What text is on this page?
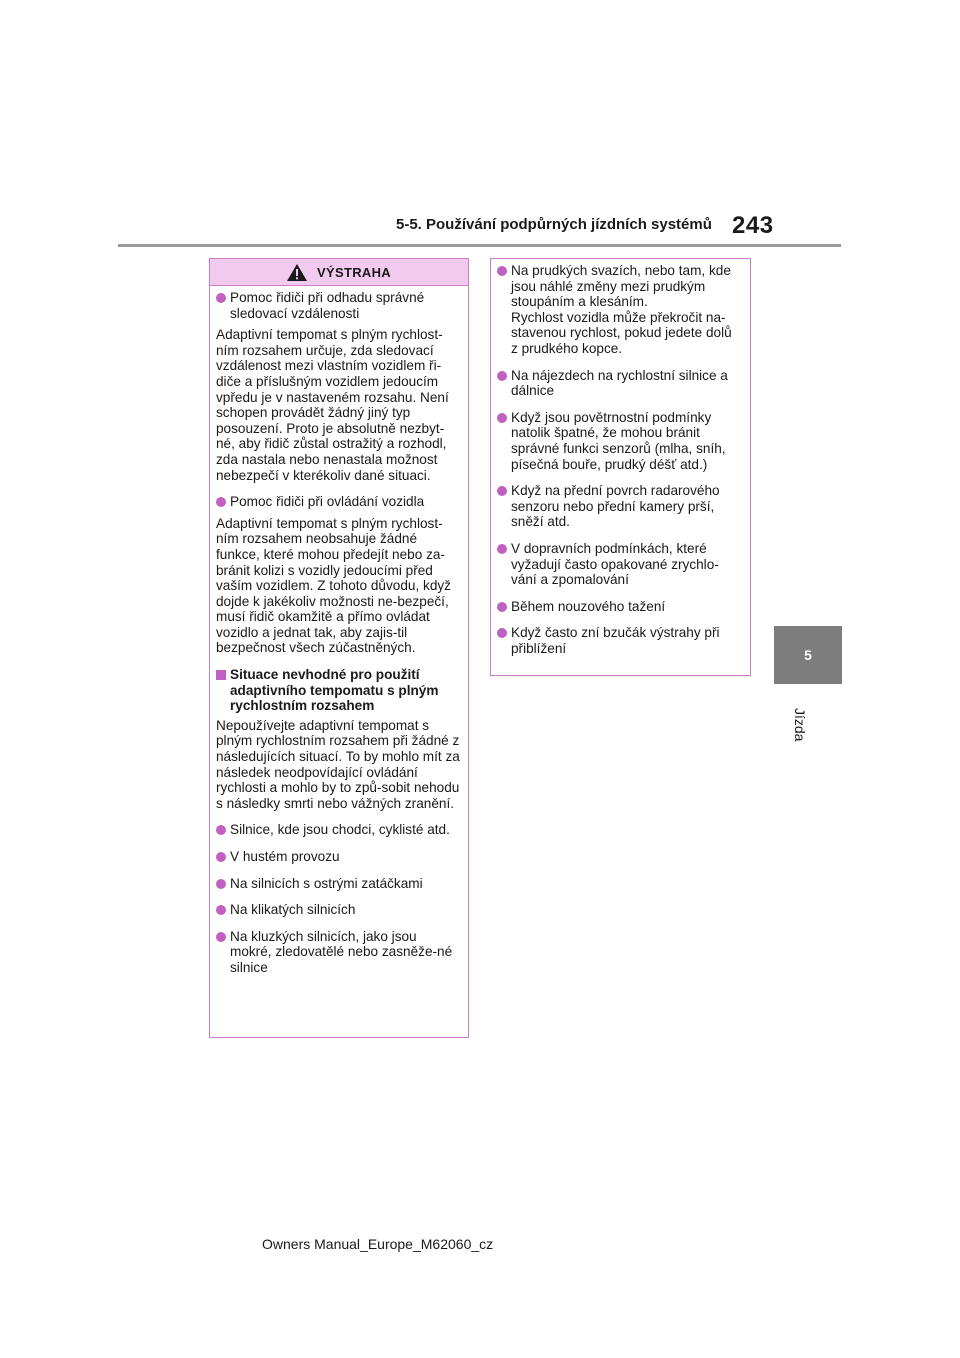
5-5. Používání podpůrných jízdních systémů 243
5
Jízda
VÝSTRAHA
Pomoc řidiči při odhadu správné sledovací vzdálenosti
Adaptivní tempomat s plným rychlost-ním rozsahem určuje, zda sledovací vzdálenost mezi vlastním vozidlem ři-diče a příslušným vozidlem jedoucím vpředu je v nastaveném rozsahu. Není schopen provádět žádný jiný typ posouzení. Proto je absolutně nezbyt-né, aby řidič zůstal ostražitý a rozhodl, zda nastala nebo nenastala možnost nebezpečí v kterékoliv dané situaci.
Pomoc řidiči při ovládání vozidla
Adaptivní tempomat s plným rychlost-ním rozsahem neobsahuje žádné funkce, které mohou předejít nebo za-bránit kolizi s vozidly jedoucími před vaším vozidlem. Z tohoto důvodu, když dojde k jakékoliv možnosti ne-bezpečí, musí řidič okamžitě a přímo ovládat vozidlo a jednat tak, aby zajis-til bezpečnost všech zúčastněných.
Situace nevhodné pro použití adaptivního tempomatu s plným rychlostním rozsahem
Nepoužívejte adaptivní tempomat s plným rychlostním rozsahem při žádné z následujících situací. To by mohlo mít za následek neodpovídající ovládání rychlosti a mohlo by to způ-sobit nehodu s následky smrti nebo vážných zranění.
Silnice, kde jsou chodci, cyklisté atd.
V hustém provozu
Na silnicích s ostrými zatáčkami
Na klikatých silnicích
Na kluzkých silnicích, jako jsou mokré, zledovatělé nebo zasněže-né silnice
Na prudkých svazích, nebo tam, kde jsou náhlé změny mezi prudkým stoupáním a klesáním.
Rychlost vozidla může překročit na-stavenou rychlost, pokud jedete dolů z prudkého kopce.
Na nájezdech na rychlostní silnice a dálnice
Když jsou povětrnostní podmínky natolik špatné, že mohou bránit správné funkci senzorů (mlha, sníh, písečná bouře, prudký déšť atd.)
Když na přední povrch radarového senzoru nebo přední kamery prší, sněží atd.
V dopravních podmínkách, které vyžadují často opakované zrychlo-vání a zpomalování
Během nouzového tažení
Když často zní bzučák výstrahy při přiblížení
Owners Manual_Europe_M62060_cz
